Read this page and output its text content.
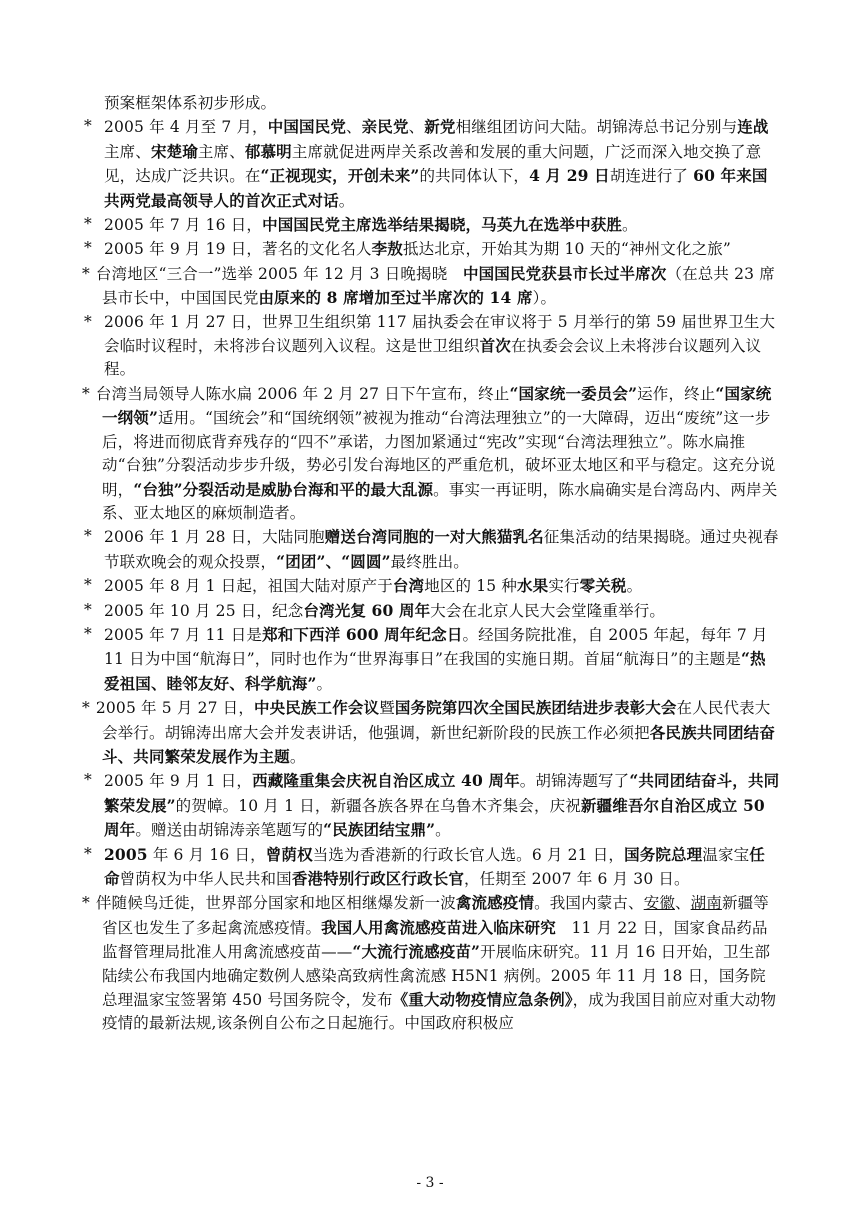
预案框架体系初步形成。

* 2005 年 4 月至 7 月，中国国民党、亲民党、新党相继组团访问大陆。胡锦涛总书记分别与连战主席、宋楚瑜主席、郁慕明主席就促进两岸关系改善和发展的重大问题，广泛而深入地交换了意见，达成广泛共识。在“正视现实，开创未来”的共同体认下，4 月 29 日胡连进行了 60 年来国共两党最高领导人的首次正式对话。

* 2005 年 7 月 16 日，中国国民党主席选举结果揭晓，马英九在选举中获胜。

* 2005 年 9 月 19 日，著名的文化名人李敖抵达北京，开始其为期 10 天的“神州文化之旅”

* 台湾地区“三合一”选举 2005 年 12 月 3 日晚揭晓　中国国民党获县市长过半席次（在总共 23 席县市长中，中国国民党由原来的 8 席增加至过半席次的 14 席）。

* 2006 年 1 月 27 日，世界卫生组织第 117 届执委会在审议将于 5 月举行的第 59 届世界卫生大会临时议程时，未将涉台议题列入议程。这是世卫组织首次在执委会会议上未将涉台议题列入议程。

* 台湾当局领导人陈水扁 2006 年 2 月 27 日下午宣布，终止“国家统一委员会”运作，终止“国家统一纲领”适用。“国统会”和“国统纲领”被视为推动“台湾法理独立”的一大障碍，迈出“废统”这一步后，将进而彻底背弃残存的“四不”承诺，力图加紧通过“宪改”实现“台湾法理独立”。陈水扁推动“台独”分裂活动步步升级，势必引发台海地区的严重危机，破坏亚太地区和平与稳定。这充分说明，“台独”分裂活动是威胁台海和平的最大乱源。事实一再证明，陈水扁确实是台湾岛内、两岸关系、亚太地区的麻烦制造者。

* 2006 年 1 月 28 日，大陆同胞赠送台湾同胞的一对大熊猫乳名征集活动的结果揭晓。通过央视春节联欢晚会的观众投票，“团团”、“圆圆”最终胜出。

* 2005 年 8 月 1 日起，祖国大陆对原产于台湾地区的 15 种水果实行零关税。

* 2005 年 10 月 25 日，纪念台湾光复 60 周年大会在北京人民大会堂隆重举行。

* 2005 年 7 月 11 日是郑和下西洋 600 周年纪念日。经国务院批准，自 2005 年起，每年 7 月 11 日为中国“航海日”，同时也作为“世界海事日”在我国的实施日期。首届“航海日”的主题是“热爱祖国、睦邻友好、科学航海”。

* 2005 年 5 月 27 日，中央民族工作会议暨国务院第四次全国民族团结进步表彰大会在人民代表大会举行。胡锦涛出席大会并发表讲话，他强调，新世纪新阶段的民族工作必须把各民族共同团结奋斗、共同繁荣发展作为主题。

* 2005 年 9 月 1 日，西藏隆重集会庆祝自治区成立 40 周年。胡锦涛题写了“共同团结奋斗，共同繁荣发展”的贺幛。10 月 1 日，新疆各族各界在乌鲁木齐集会，庆祝新疆维吾尔自治区成立 50 周年。赠送由胡锦涛亲笔题写的“民族团结宝鼎”。

* 2005 年 6 月 16 日，曾荫权当选为香港新的行政长官人选。6 月 21 日，国务院总理温家宝任命曾荫权为中华人民共和国香港特别行政区行政长官，任期至 2007 年 6 月 30 日。

* 伴随候鸟迁徙，世界部分国家和地区相继爆发新一波禽流感疫情。我国内蒙古、安徽、湖南新疆等省区也发生了多起禽流感疫情。我国人用禽流感疫苗进入临床研究　11 月 22 日，国家食品药品监督管理局批准人用禽流感疫苗——“大流行流感疫苗”开展临床研究。11 月 16 日开始，卫生部陆续公布我国内地确定数例人感染高致病性禽流感 H5N1 病例。2005 年 11 月 18 日，国务院总理温家宝签署第 450 号国务院令，发布《重大动物疫情应急条例》，成为我国目前应对重大动物疫情的最新法规,该条例自公布之日起施行。中国政府积极应

- 3 -
